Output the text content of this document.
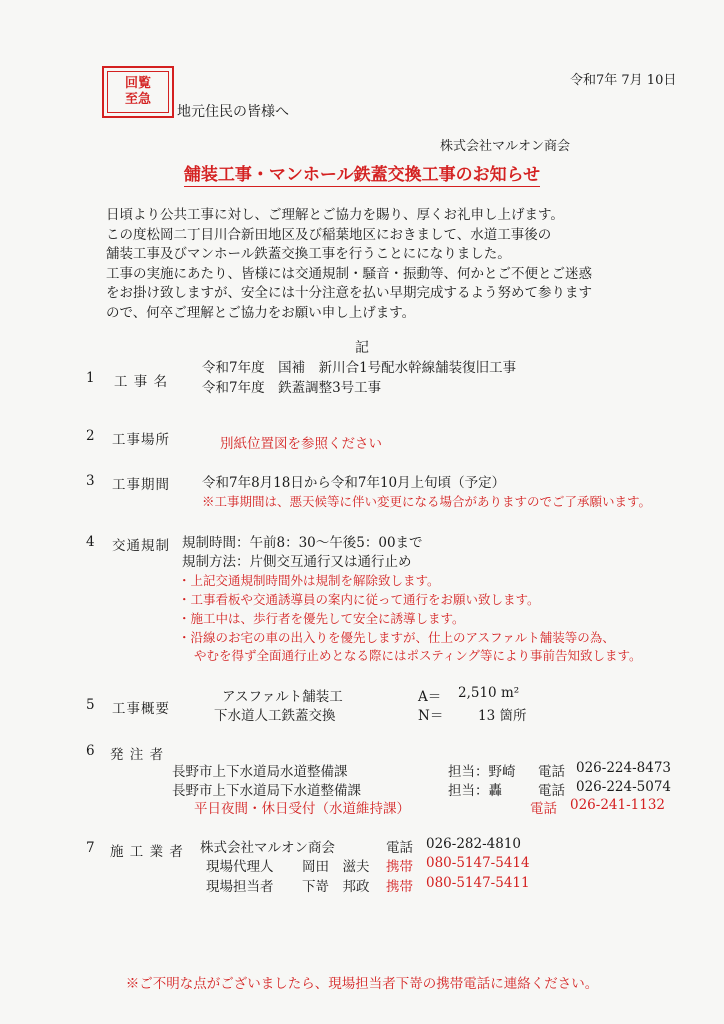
回覧
至急
令和7年 7月 10日
地元住民の皆様へ
株式会社マルオン商会
舗装工事・マンホール鉄蓋交換工事のお知らせ
日頃より公共工事に対し、ご理解とご協力を賜り、厚くお礼申し上げます。
この度松岡二丁目川合新田地区及び稲葉地区におきまして、水道工事後の
舗装工事及びマンホール鉄蓋交換工事を行うことにになりました。
工事の実施にあたり、皆様には交通規制・騒音・振動等、何かとご不便とご迷惑
をお掛け致しますが、安全には十分注意を払い早期完成するよう努めて参ります
ので、何卒ご理解とご協力をお願い申し上げます。
記
1 工 事 名
令和7年度　国補　新川合1号配水幹線舗装復旧工事
令和7年度　鉄蓋調整3号工事
2 工事場所	別紙位置図を参照ください
3 工事期間 令和7年8月18日から令和7年10月上旬頃（予定）
※工事期間は、悪天候等に伴い変更になる場合がありますのでご了承願います。
4 交通規制 規制時間：午前8：30〜午後5：00まで
規制方法：片側交互通行又は通行止め
・上記交通規制時間外は規制を解除致します。
・工事看板や交通誘導員の案内に従って通行をお願い致します。
・施工中は、歩行者を優先して安全に誘導します。
・沿線のお宅の車の出入りを優先しますが、仕上のアスファルト舗装等の為、
やむを得ず全面通行止めとなる際にはポスティング等により事前告知致します。
5 工事概要
アスファルト舗装工	A＝ 2,510 m²
下水道人工鉄蓋交換	N＝	13 箇所
6 発 注 者
長野市上下水道局水道整備課	担当：野崎 電話 026-224-8473
長野市上下水道局下水道整備課	担当：轟	電話 026-224-5074
平日夜間・休日受付（水道維持課）	電話 026-241-1132
7 施 工 業 者 株式会社マルオン商会	電話 026-282-4810
現場代理人 岡田　滋夫 携帯 080-5147-5414
現場担当者 下嵜　邦政 携帯 080-5147-5411
※ご不明な点がございましたら、現場担当者下嵜の携帯電話に連絡ください。
